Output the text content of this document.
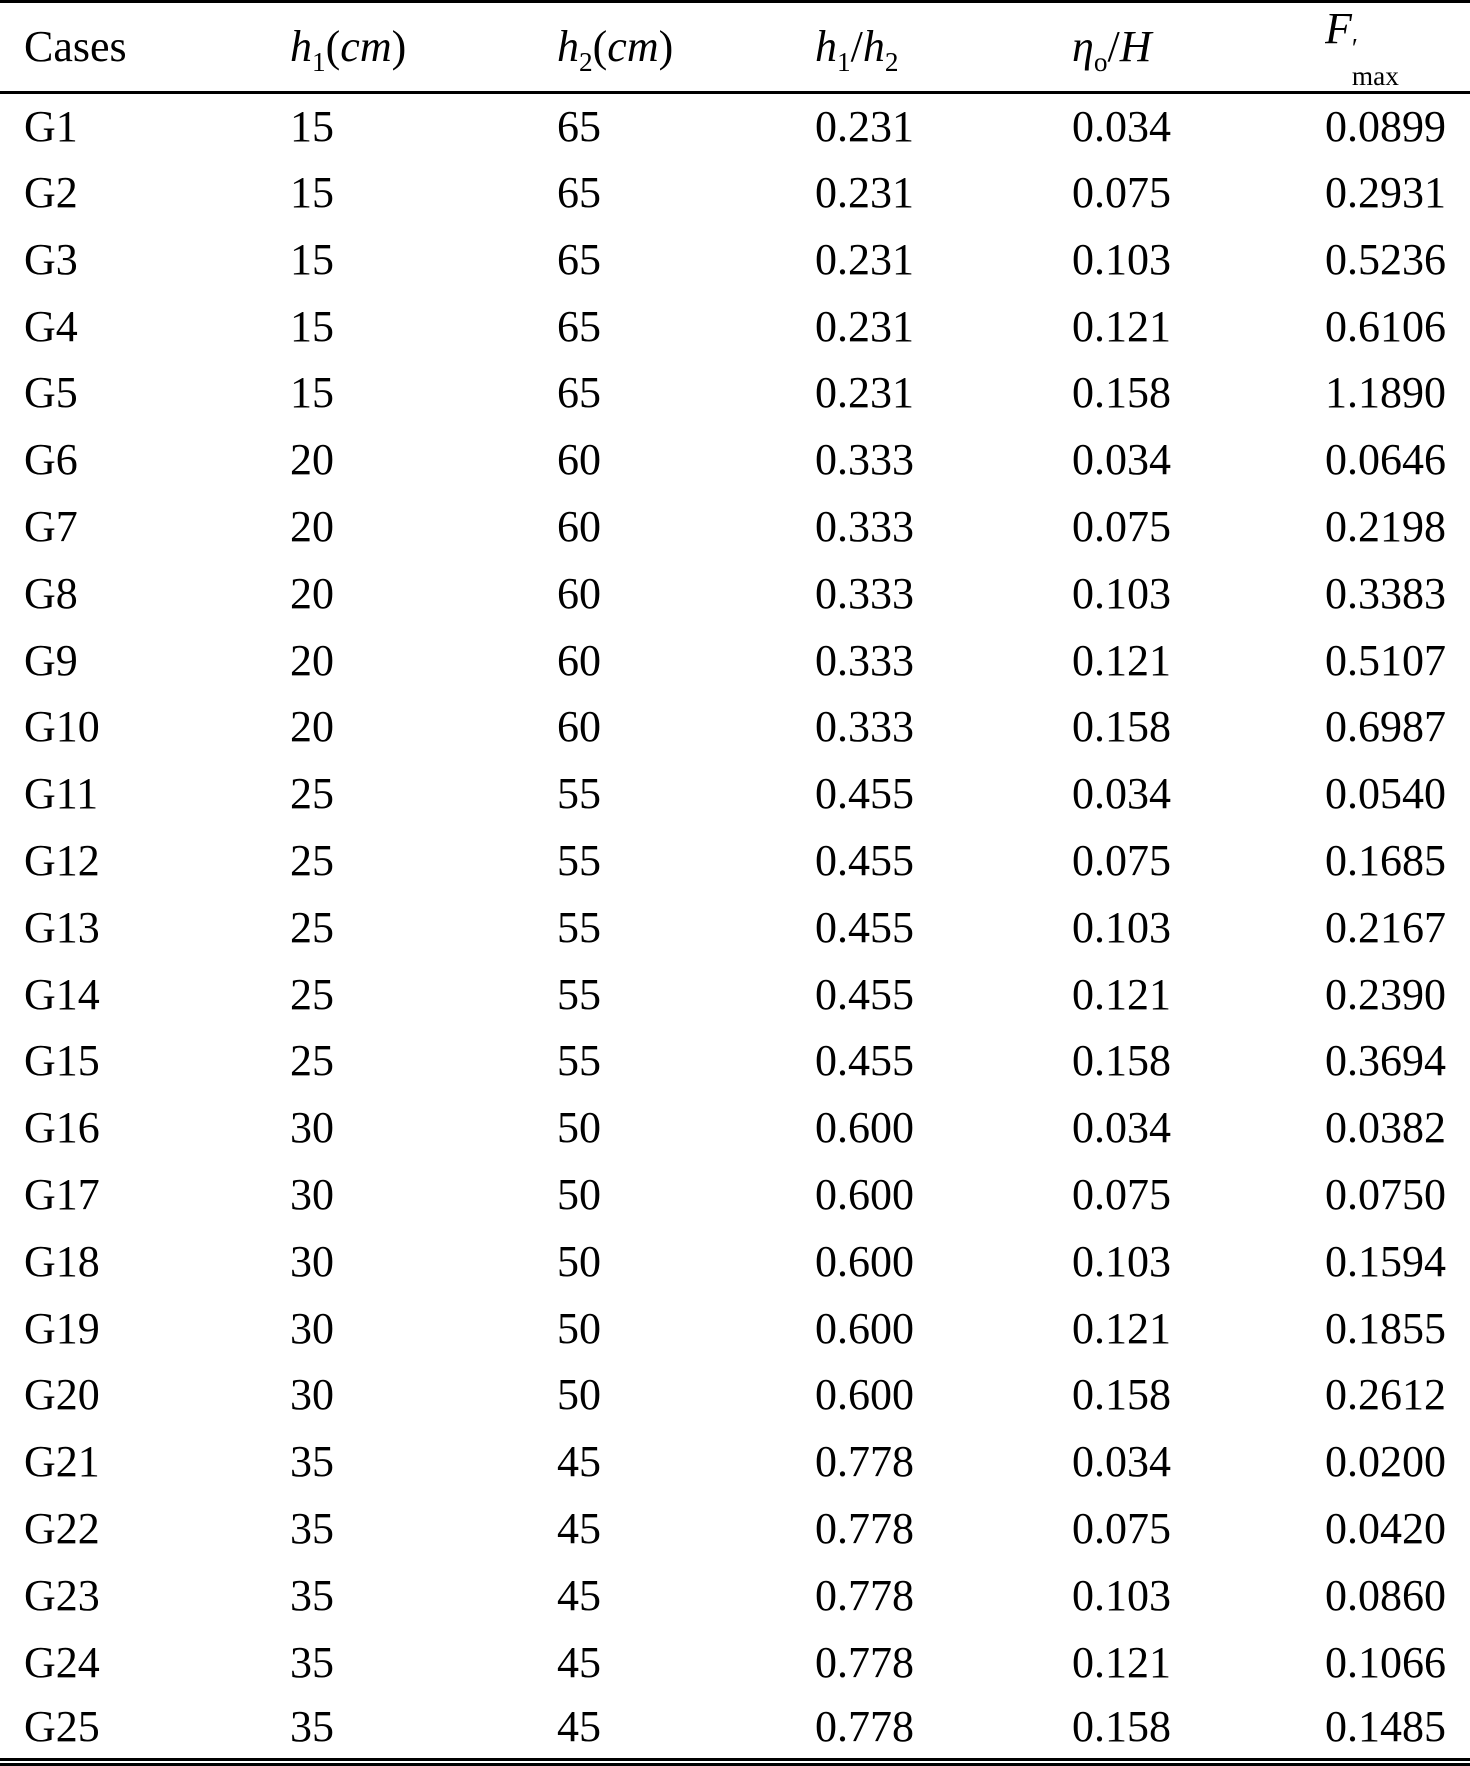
Cases	$h_1(cm)$	$h_2(cm)$	$h_1/h_2$	$\eta_o/H$	F ′
max

G1	15	65	0.231	0.034	0.0899
G2	15	65	0.231	0.075	0.2931
G3	15	65	0.231	0.103	0.5236
G4	15	65	0.231	0.121	0.6106
G5	15	65	0.231	0.158	1.1890
G6	20	60	0.333	0.034	0.0646
G7	20	60	0.333	0.075	0.2198
G8	20	60	0.333	0.103	0.3383
G9	20	60	0.333	0.121	0.5107
G10	20	60	0.333	0.158	0.6987
G11	25	55	0.455	0.034	0.0540
G12	25	55	0.455	0.075	0.1685
G13	25	55	0.455	0.103	0.2167
G14	25	55	0.455	0.121	0.2390
G15	25	55	0.455	0.158	0.3694
G16	30	50	0.600	0.034	0.0382
G17	30	50	0.600	0.075	0.0750
G18	30	50	0.600	0.103	0.1594
G19	30	50	0.600	0.121	0.1855
G20	30	50	0.600	0.158	0.2612
G21	35	45	0.778	0.034	0.0200
G22	35	45	0.778	0.075	0.0420
G23	35	45	0.778	0.103	0.0860
G24	35	45	0.778	0.121	0.1066
G25	35	45	0.778	0.158	0.1485
